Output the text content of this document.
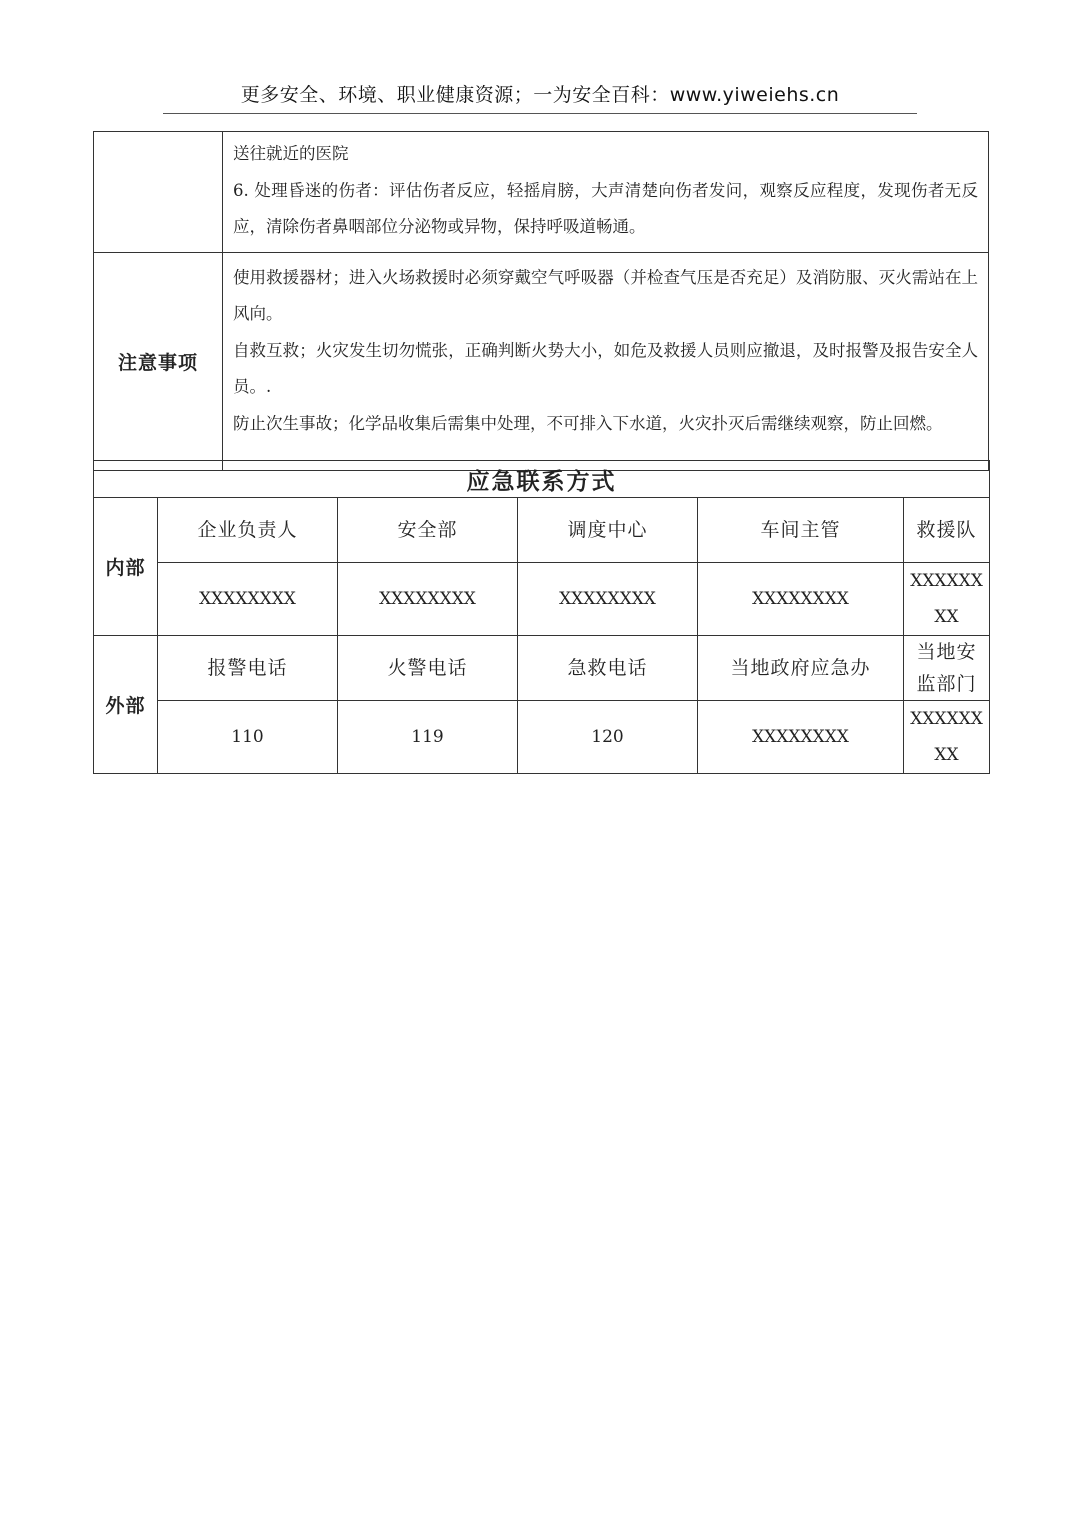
更多安全、环境、职业健康资源；一为安全百科：www.yiweiehs.cn

	送往就近的医院

6. 处理昏迷的伤者：评估伤者反应，轻摇肩膀，大声清楚向伤者发问，观察反应程度，发现伤者无反应，清除伤者鼻咽部位分泌物或异物，保持呼吸道畅通。

注意事项	使用救援器材；进入火场救援时必须穿戴空气呼吸器（并检查气压是否充足）及消防服、灭火需站在上风向。

自救互救；火灾发生切勿慌张，正确判断火势大小，如危及救援人员则应撤退，及时报警及报告安全人员。.

防止次生事故；化学品收集后需集中处理，不可排入下水道，火灾扑灭后需继续观察，防止回燃。

应急联系方式					
内部	企业负责人	安全部	调度中心	车间主管	救援队
	XXXXXXXX	XXXXXXXX	XXXXXXXX	XXXXXXXX	XXXXXXXX
外部	报警电话	火警电话	急救电话	当地政府应急办	当地安监部门
	110	119	120	XXXXXXXX	XXXXXXXX
